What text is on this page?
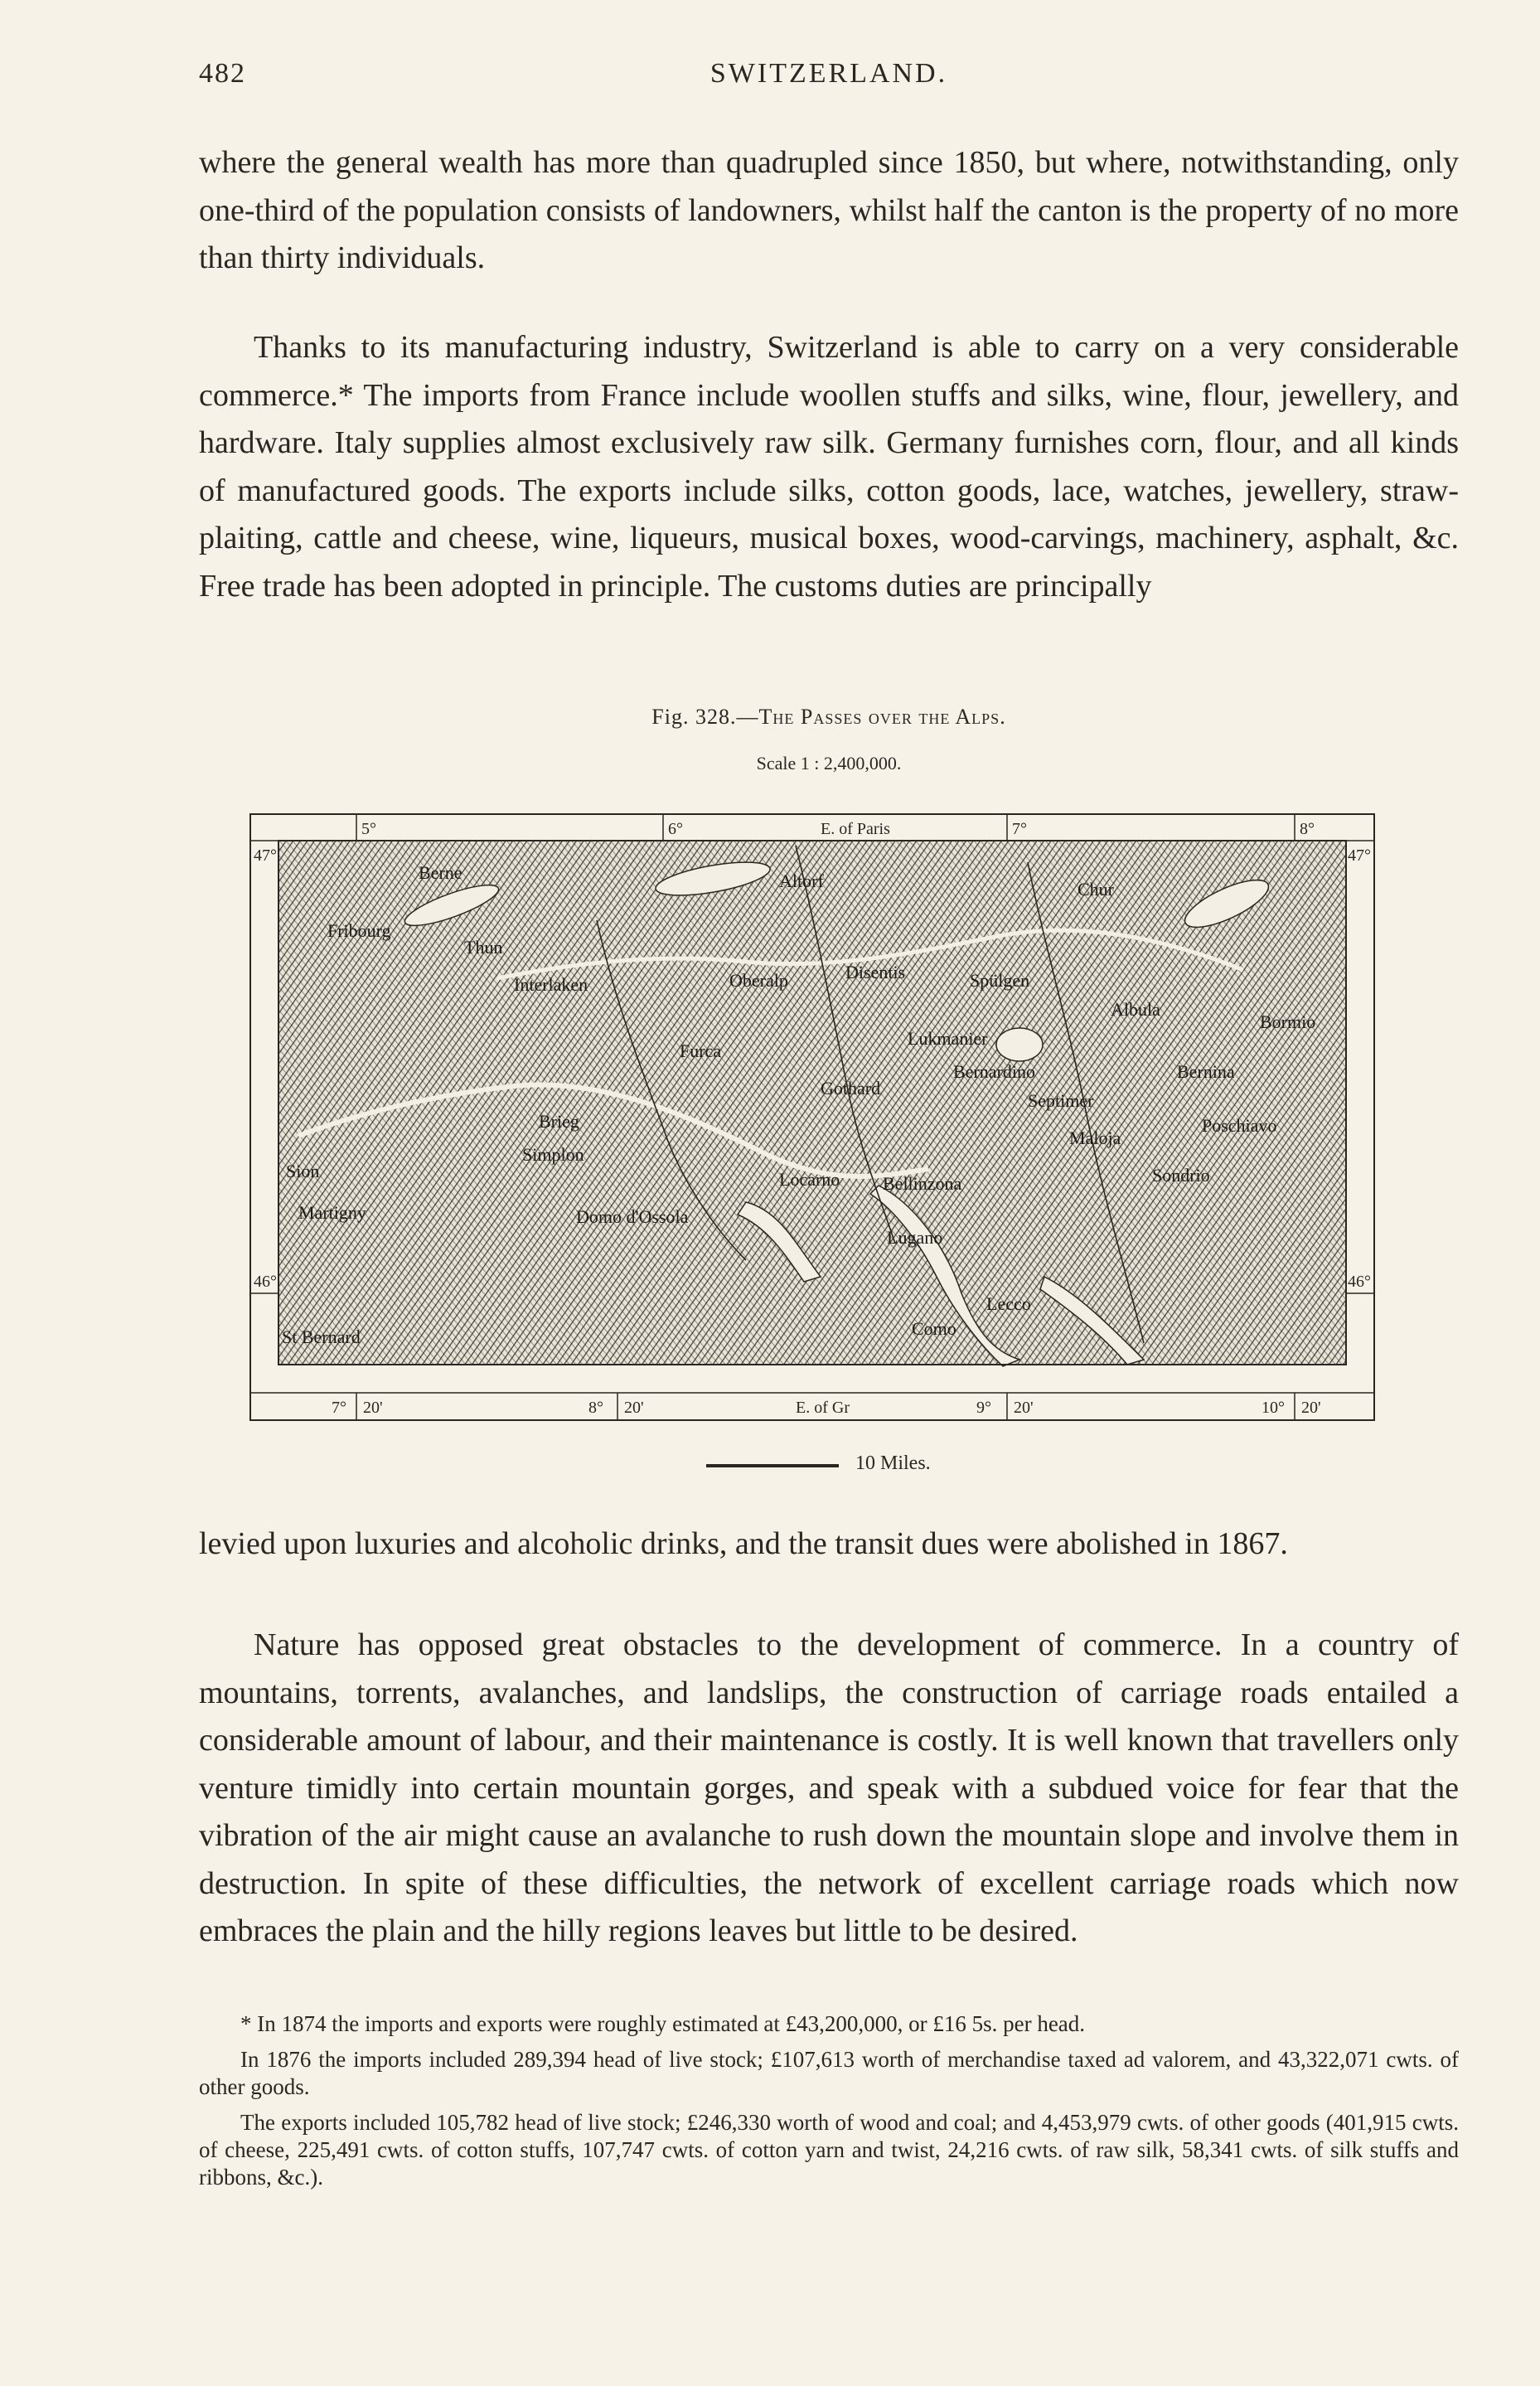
482	SWITZERLAND.

where the general wealth has more than quadrupled since 1850, but where, notwithstanding, only one-third of the population consists of landowners, whilst half the canton is the property of no more than thirty individuals.

Thanks to its manufacturing industry, Switzerland is able to carry on a very considerable commerce.* The imports from France include woollen stuffs and silks, wine, flour, jewellery, and hardware. Italy supplies almost exclusively raw silk. Germany furnishes corn, flour, and all kinds of manufactured goods. The exports include silks, cotton goods, lace, watches, jewellery, straw-plaiting, cattle and cheese, wine, liqueurs, musical boxes, wood-carvings, machinery, asphalt, &c. Free trade has been adopted in principle. The customs duties are principally

Fig. 328.—The Passes over the Alps.
Scale 1 : 2,400,000.
5°	6°	E. of Paris	7°	8°
47°	47°
46°	46°
7° 20'	8° 20'	E. of Gr	9° 20'	10° 20'
Berne
Fribourg
Thun
Interlaken
Altorf
Disentis
Chur
Albula
Spülgen
Bernina
Poschiavo
Sondrio
Simplon
Martigny
Locarno Bellinzona
Domo d'Ossola
Lugano
Como
Lecco
Brieg
Furca
Oberalp
Lukmanier
Septimer
Maloja
Bormio
Sion
St Bernard
Gothard
Bernardino
10 Miles.

levied upon luxuries and alcoholic drinks, and the transit dues were abolished in 1867.

Nature has opposed great obstacles to the development of commerce. In a country of mountains, torrents, avalanches, and landslips, the construction of carriage roads entailed a considerable amount of labour, and their maintenance is costly. It is well known that travellers only venture timidly into certain mountain gorges, and speak with a subdued voice for fear that the vibration of the air might cause an avalanche to rush down the mountain slope and involve them in destruction. In spite of these difficulties, the network of excellent carriage roads which now embraces the plain and the hilly regions leaves but little to be desired.

* In 1874 the imports and exports were roughly estimated at £43,200,000, or £16 5s. per head.

In 1876 the imports included 289,394 head of live stock; £107,613 worth of merchandise taxed ad valorem, and 43,322,071 cwts. of other goods.

The exports included 105,782 head of live stock; £246,330 worth of wood and coal; and 4,453,979 cwts. of other goods (401,915 cwts. of cheese, 225,491 cwts. of cotton stuffs, 107,747 cwts. of cotton yarn and twist, 24,216 cwts. of raw silk, 58,341 cwts. of silk stuffs and ribbons, &c.).
